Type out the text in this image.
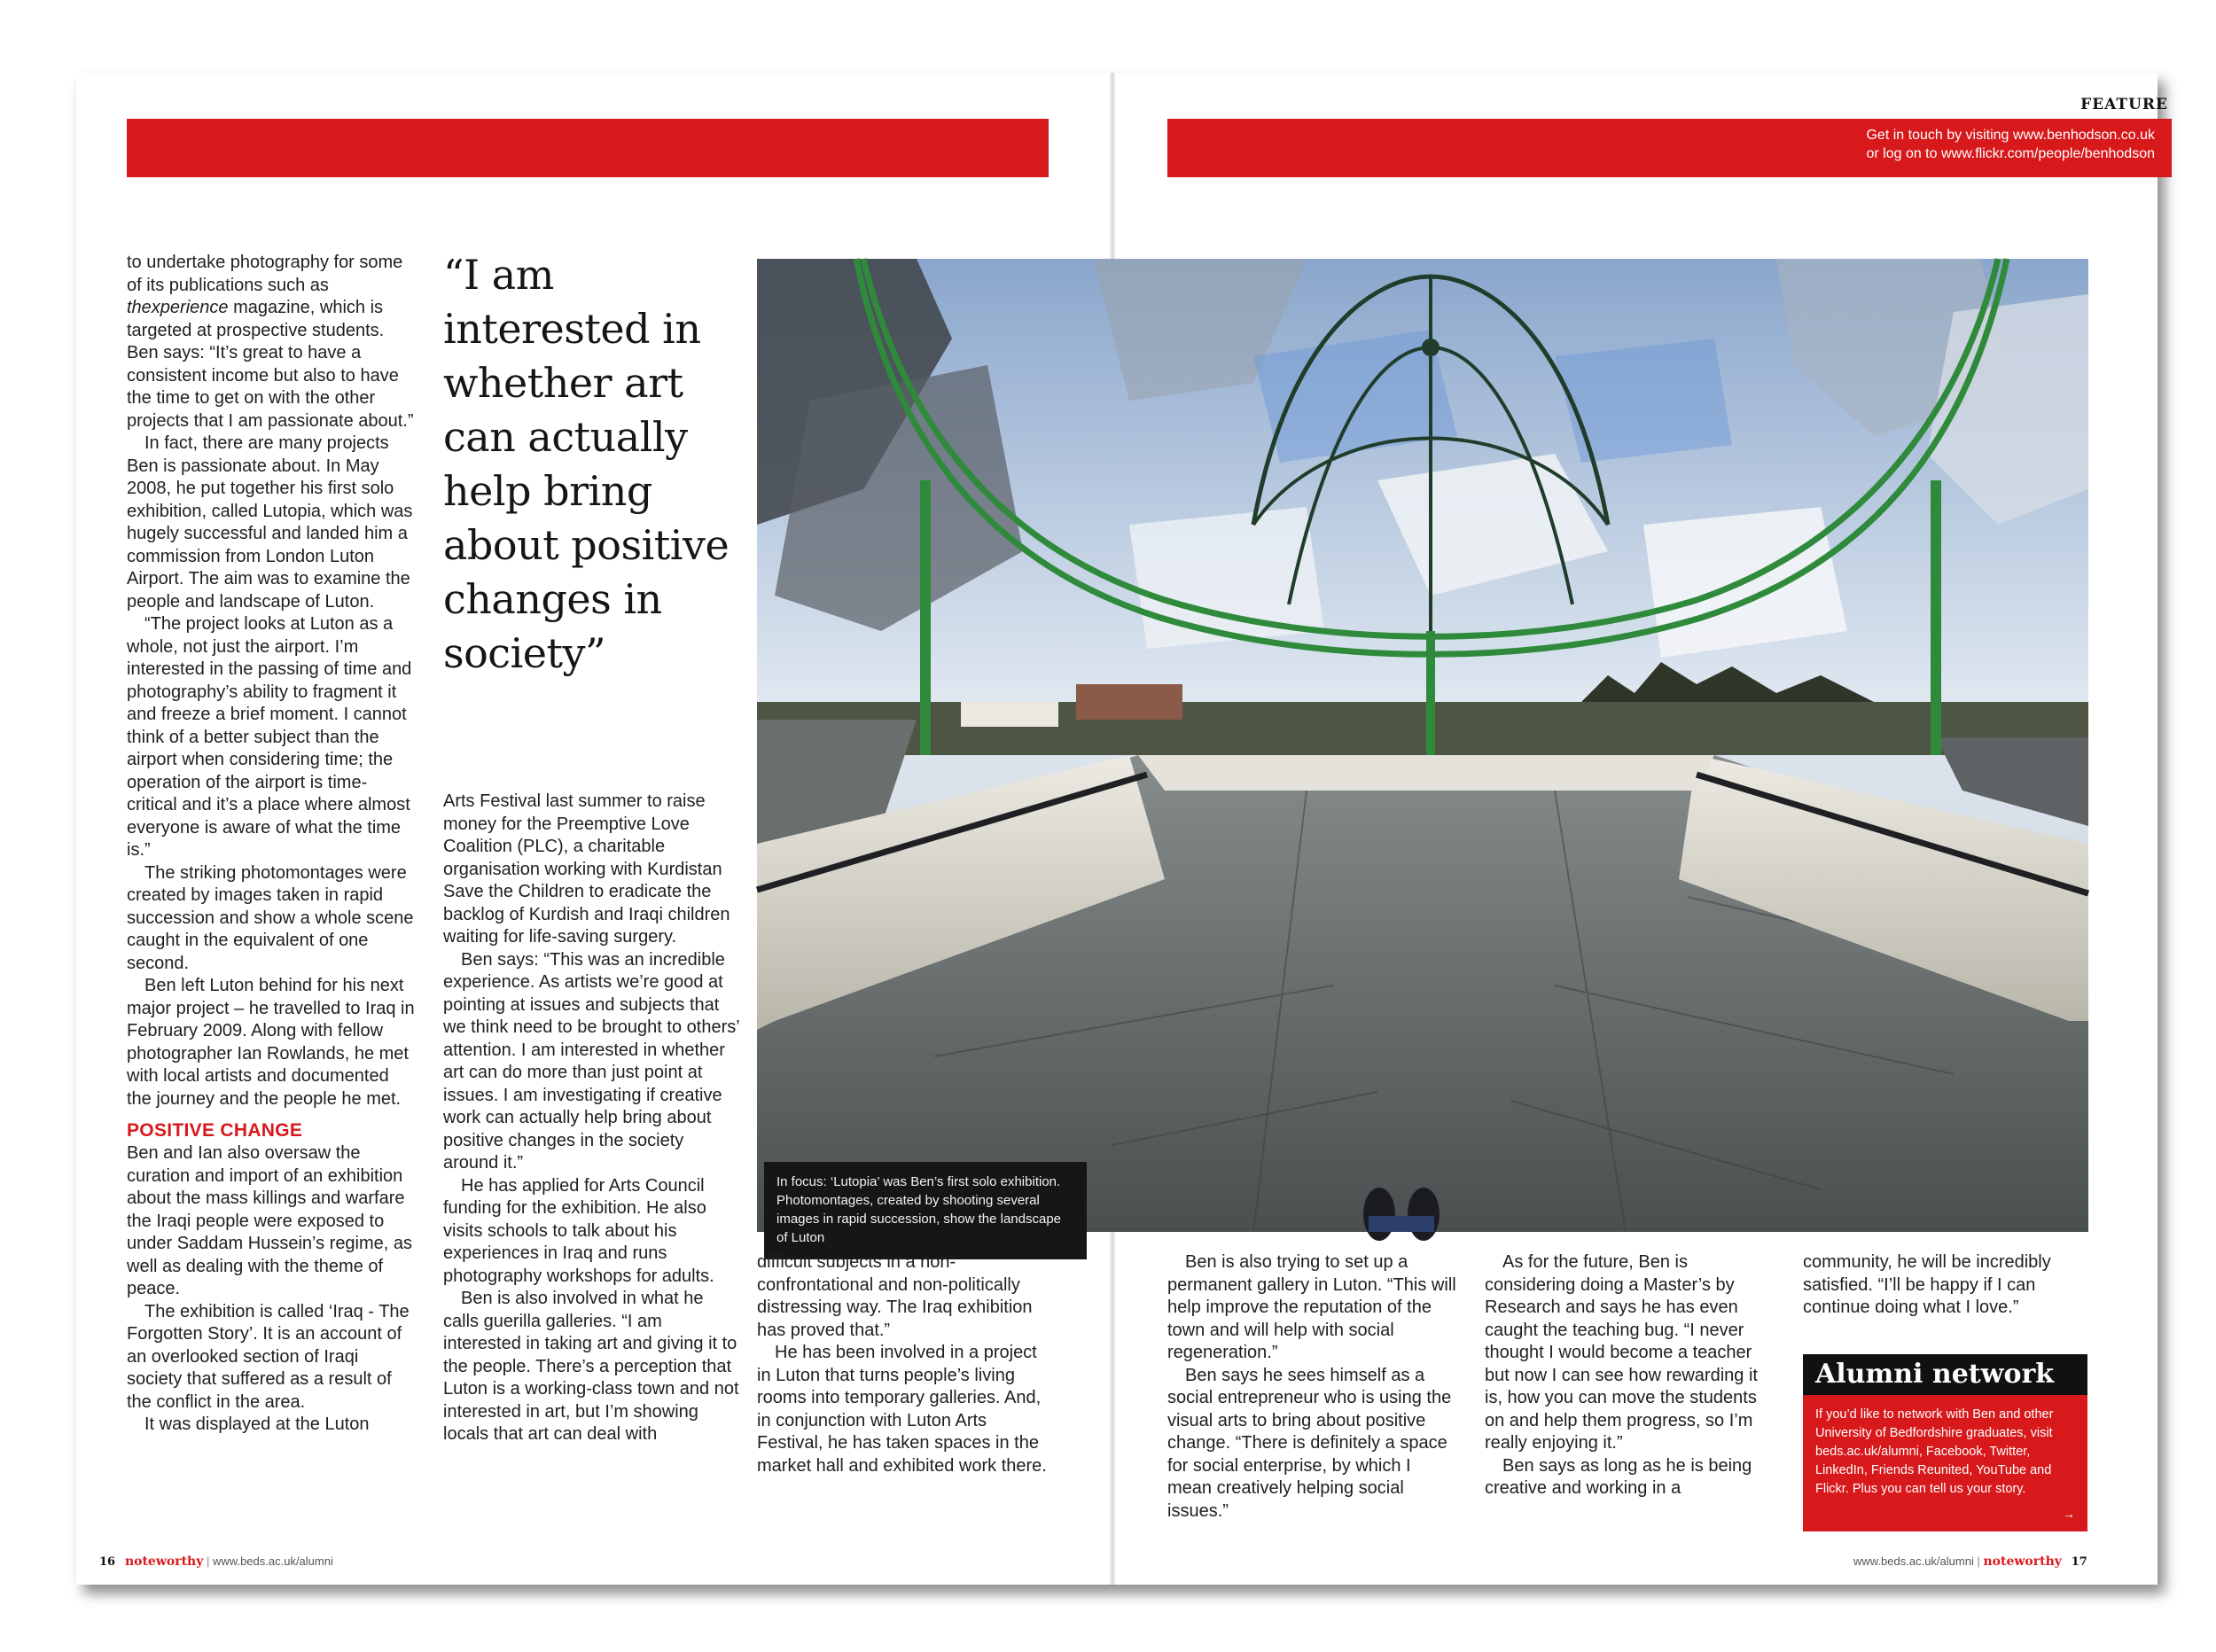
FEATURE
Get in touch by visiting www.benhodson.co.uk
or log on to www.flickr.com/people/benhodson

to undertake photography for some of its publications such as thexperience magazine, which is targeted at prospective students. Ben says: “It’s great to have a consistent income but also to have the time to get on with the other projects that I am passionate about.”

In fact, there are many projects Ben is passionate about. In May 2008, he put together his first solo exhibition, called Lutopia, which was hugely successful and landed him a commission from London Luton Airport. The aim was to examine the people and landscape of Luton.

“The project looks at Luton as a whole, not just the airport. I’m interested in the passing of time and photography’s ability to fragment it and freeze a brief moment. I cannot think of a better subject than the airport when considering time; the operation of the airport is time-critical and it’s a place where almost everyone is aware of what the time is.”

The striking photomontages were created by images taken in rapid succession and show a whole scene caught in the equivalent of one second.

Ben left Luton behind for his next major project – he travelled to Iraq in February 2009. Along with fellow photographer Ian Rowlands, he met with local artists and documented the journey and the people he met.

POSITIVE CHANGE

Ben and Ian also oversaw the curation and import of an exhibition about the mass killings and warfare the Iraqi people were exposed to under Saddam Hussein’s regime, as well as dealing with the theme of peace.

The exhibition is called ‘Iraq - The Forgotten Story’. It is an account of an overlooked section of Iraqi society that suffered as a result of the conflict in the area.

It was displayed at the Luton

“I am interested in whether art can actually help bring about positive changes in society”

Arts Festival last summer to raise money for the Preemptive Love Coalition (PLC), a charitable organisation working with Kurdistan Save the Children to eradicate the backlog of Kurdish and Iraqi children waiting for life-saving surgery.

Ben says: “This was an incredible experience. As artists we’re good at pointing at issues and subjects that we think need to be brought to others’ attention. I am interested in whether art can do more than just point at issues. I am investigating if creative work can actually help bring about positive changes in the society around it.”

He has applied for Arts Council funding for the exhibition. He also visits schools to talk about his experiences in Iraq and runs photography workshops for adults.

Ben is also involved in what he calls guerilla galleries. “I am interested in taking art and giving it to the people. There’s a perception that Luton is a working-class town and not interested in art, but I’m showing locals that art can deal with

In focus: ‘Lutopia’ was Ben’s first solo exhibition. Photomontages, created by shooting several images in rapid succession, show the landscape of Luton

difficult subjects in a non-confrontational and non-politically distressing way. The Iraq exhibition has proved that.”

He has been involved in a project in Luton that turns people’s living rooms into temporary galleries. And, in conjunction with Luton Arts Festival, he has taken spaces in the market hall and exhibited work there.

Ben is also trying to set up a permanent gallery in Luton. “This will help improve the reputation of the town and will help with social regeneration.”

Ben says he sees himself as a social entrepreneur who is using the visual arts to bring about positive change. “There is definitely a space for social enterprise, by which I mean creatively helping social issues.”

As for the future, Ben is considering doing a Master’s by Research and says he has even caught the teaching bug. “I never thought I would become a teacher but now I can see how rewarding it is, how you can move the students on and help them progress, so I’m really enjoying it.”

Ben says as long as he is being creative and working in a

community, he will be incredibly satisfied. “I’ll be happy if I can continue doing what I love.”

Alumni network
If you’d like to network with Ben and other University of Bedfordshire graduates, visit beds.ac.uk/alumni, Facebook, Twitter, LinkedIn, Friends Reunited, YouTube and Flickr. Plus you can tell us your story.
→
16 noteworthy | www.beds.ac.uk/alumni	www.beds.ac.uk/alumni | noteworthy 17
